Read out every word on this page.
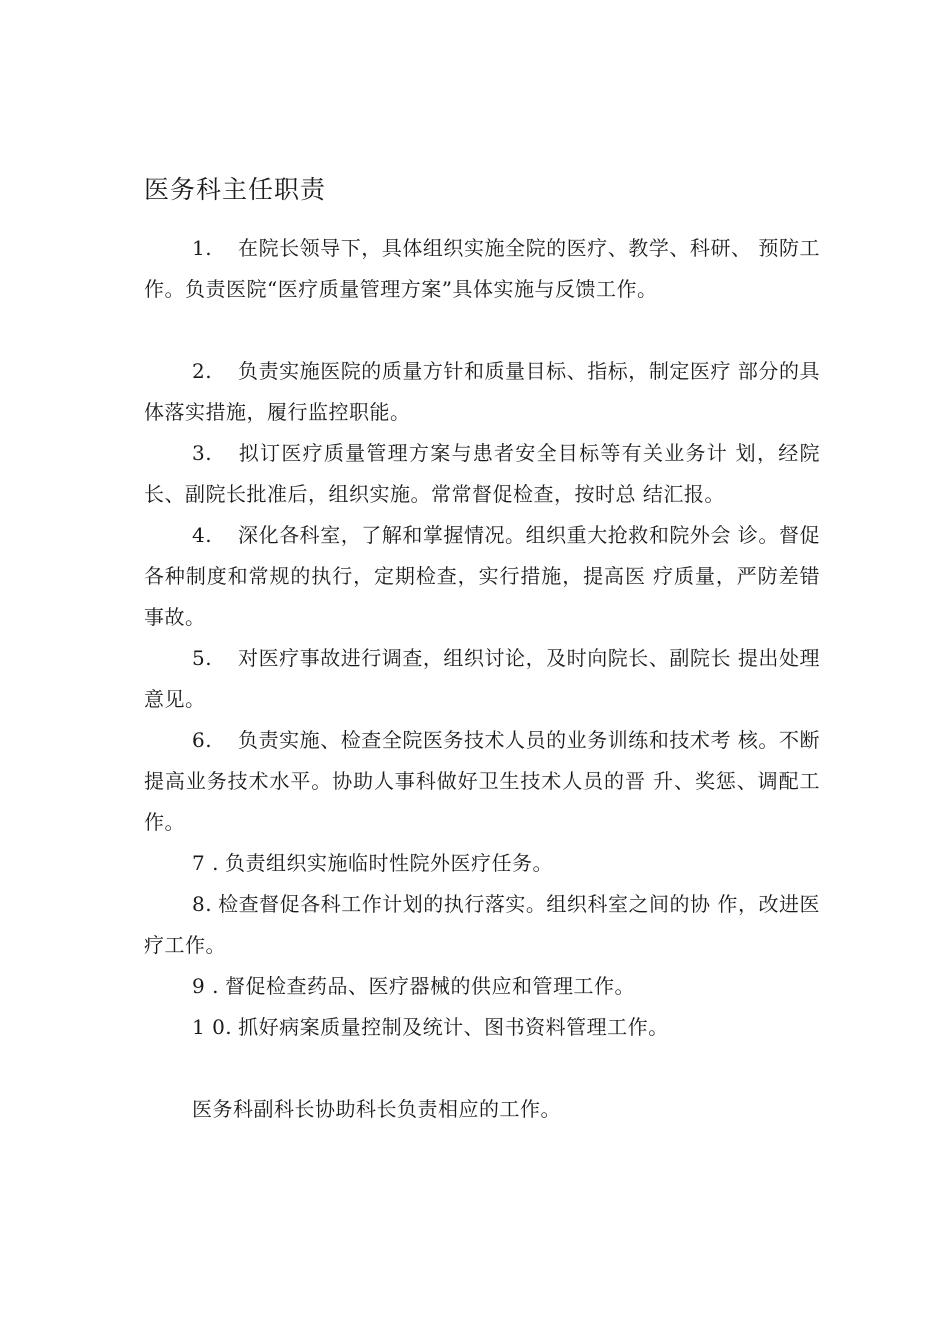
医务科主任职责

1. 在院长领导下，具体组织实施全院的医疗、教学、科研、 预防工作。负责医院“医疗质量管理方案”具体实施与反馈工作。

2. 负责实施医院的质量方针和质量目标、指标，制定医疗 部分的具体落实措施，履行监控职能。

3. 拟订医疗质量管理方案与患者安全目标等有关业务计 划，经院长、副院长批准后，组织实施。常常督促检查，按时总 结汇报。

4. 深化各科室，了解和掌握情况。组织重大抢救和院外会 诊。督促各种制度和常规的执行，定期检查，实行措施，提高医 疗质量，严防差错事故。

5. 对医疗事故进行调查，组织讨论，及时向院长、副院长 提出处理意见。

6. 负责实施、检查全院医务技术人员的业务训练和技术考 核。不断提高业务技术水平。协助人事科做好卫生技术人员的晋 升、奖惩、调配工作。

7 . 负责组织实施临时性院外医疗任务。

8. 检查督促各科工作计划的执行落实。组织科室之间的协 作，改进医疗工作。

9 . 督促检查药品、医疗器械的供应和管理工作。

1 0. 抓好病案质量控制及统计、图书资料管理工作。

医务科副科长协助科长负责相应的工作。
